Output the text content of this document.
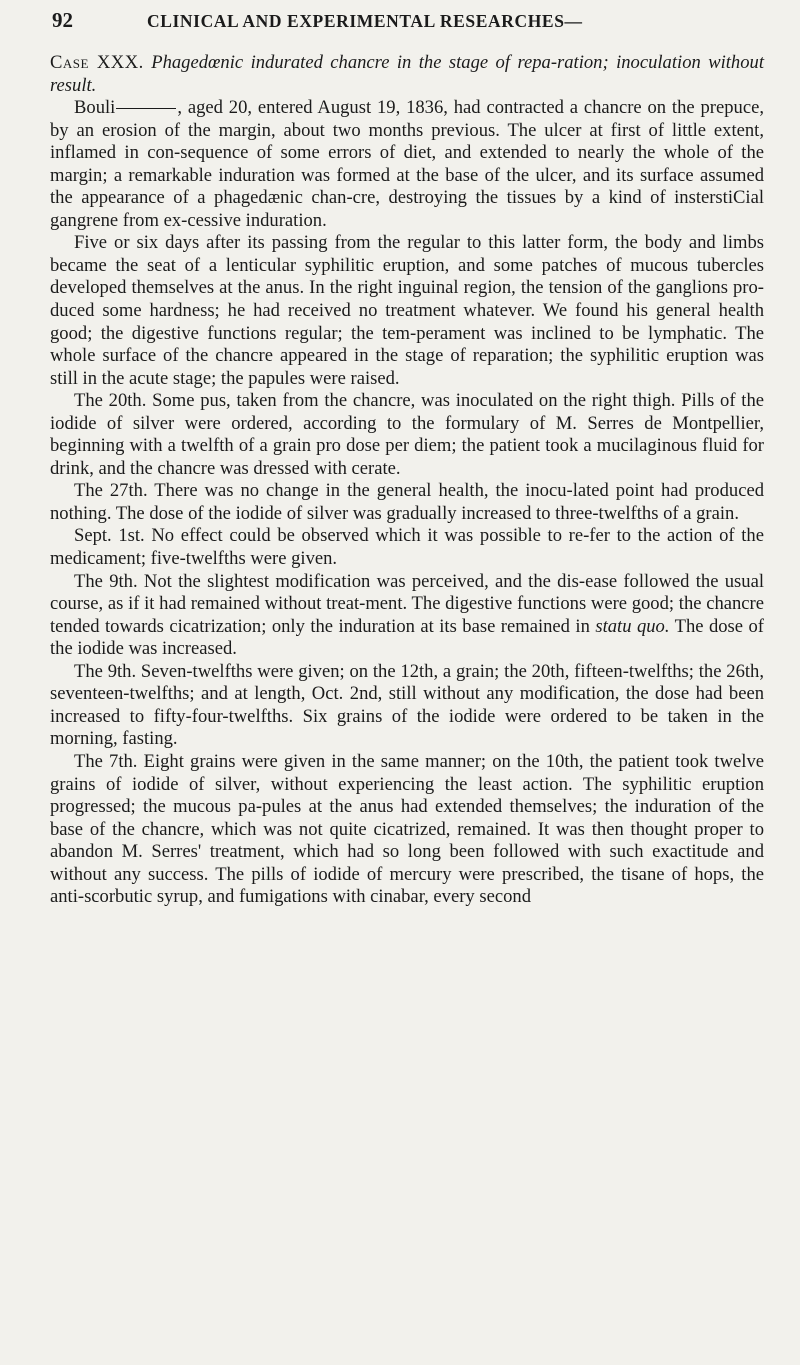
92	CLINICAL AND EXPERIMENTAL RESEARCHES—

Case XXX. Phagedœnic indurated chancre in the stage of repa-ration; inoculation without result.

Bouli	, aged 20, entered August 19, 1836, had contracted a chancre on the prepuce, by an erosion of the margin, about two months previous. The ulcer at first of little extent, inflamed in con-sequence of some errors of diet, and extended to nearly the whole of the margin; a remarkable induration was formed at the base of the ulcer, and its surface assumed the appearance of a phagedænic chan-cre, destroying the tissues by a kind of insterstiCial gangrene from ex-cessive induration.

Five or six days after its passing from the regular to this latter form, the body and limbs became the seat of a lenticular syphilitic eruption, and some patches of mucous tubercles developed themselves at the anus. In the right inguinal region, the tension of the ganglions pro-duced some hardness; he had received no treatment whatever. We found his general health good; the digestive functions regular; the tem-perament was inclined to be lymphatic. The whole surface of the chancre appeared in the stage of reparation; the syphilitic eruption was still in the acute stage; the papules were raised.

The 20th. Some pus, taken from the chancre, was inoculated on the right thigh. Pills of the iodide of silver were ordered, according to the formulary of M. Serres de Montpellier, beginning with a twelfth of a grain pro dose per diem; the patient took a mucilaginous fluid for drink, and the chancre was dressed with cerate.

The 27th. There was no change in the general health, the inocu-lated point had produced nothing. The dose of the iodide of silver was gradually increased to three-twelfths of a grain.

Sept. 1st. No effect could be observed which it was possible to re-fer to the action of the medicament; five-twelfths were given.

The 9th. Not the slightest modification was perceived, and the dis-ease followed the usual course, as if it had remained without treat-ment. The digestive functions were good; the chancre tended towards cicatrization; only the induration at its base remained in statu quo. The dose of the iodide was increased.

The 9th. Seven-twelfths were given; on the 12th, a grain; the 20th, fifteen-twelfths; the 26th, seventeen-twelfths; and at length, Oct. 2nd, still without any modification, the dose had been increased to fifty-four-twelfths. Six grains of the iodide were ordered to be taken in the morning, fasting.

The 7th. Eight grains were given in the same manner; on the 10th, the patient took twelve grains of iodide of silver, without experiencing the least action. The syphilitic eruption progressed; the mucous pa-pules at the anus had extended themselves; the induration of the base of the chancre, which was not quite cicatrized, remained. It was then thought proper to abandon M. Serres' treatment, which had so long been followed with such exactitude and without any success. The pills of iodide of mercury were prescribed, the tisane of hops, the anti-scorbutic syrup, and fumigations with cinabar, every second
